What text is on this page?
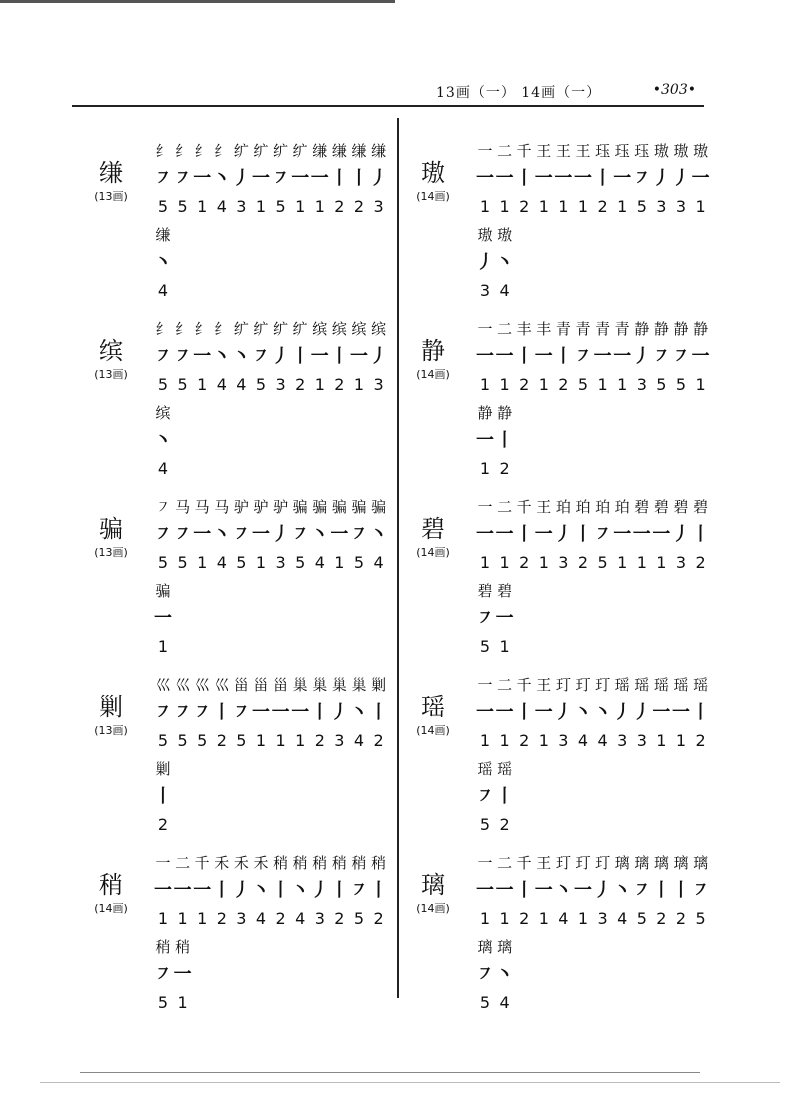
13画（一） 14画（一）	•303•
缣
(13画)
纟 纟 纟 纟 纩 纩 纩 纩 缣 缣 缣 缣
㇇ ㇇ 一 丶 丿 一 ㇇ 一 一 丨 丨 丿
5 5 1 4 3 1 5 1 1 2 2 3
缣
丶
4
缤
(13画)
纟 纟 纟 纟 纩 纩 纩 纩 缤 缤 缤 缤
㇇ ㇇ 一 丶 丶 ㇇ 丿 丨 一 丨 一 丿
5 5 1 4 4 5 3 2 1 2 1 3
缤
丶
4
骗
(13画)
㇇ 马 马 马 驴 驴 驴 骗 骗 骗 骗 骗
㇇ ㇇ 一 丶 ㇇ 一 丿 ㇇ 丶 一 ㇇ 丶
5 5 1 4 5 1 3 5 4 1 5 4
骗
一
1
剿
(13画)
巛 巛 巛 巛 甾 甾 甾 巢 巢 巢 巢 剿
㇇ ㇇ ㇇ 丨 ㇇ 一 一 一 丨 丿 丶 丨
5 5 5 2 5 1 1 1 2 3 4 2
剿
丨
2
稍
(14画)
一 二 千 禾 禾 禾 稍 稍 稍 稍 稍 稍
一 一 一 丨 丿 丶 丨 丶 丿 丨 ㇇ 丨
1 1 1 2 3 4 2 4 3 2 5 2
稍 稍
㇇ 一
5 1
璈
(14画)
一 二 千 王 王 王 珏 珏 珏 璈 璈 璈
一 一 丨 一 一 一 丨 一 ㇇ 丿 丿 一
1 1 2 1 1 1 2 1 5 3 3 1
璈 璈
丿 丶
3 4
静
(14画)
一 二 丰 丰 青 青 青 青 静 静 静 静
一 一 丨 一 丨 ㇇ 一 一 丿 ㇇ ㇇ 一
1 1 2 1 2 5 1 1 3 5 5 1
静 静
一 丨
1 2
碧
(14画)
一 二 千 王 珀 珀 珀 珀 碧 碧 碧 碧
一 一 丨 一 丿 丨 ㇇ 一 一 一 丿 丨
1 1 2 1 3 2 5 1 1 1 3 2
碧 碧
㇇ 一
5 1
瑶
(14画)
一 二 千 王 玎 玎 玎 瑶 瑶 瑶 瑶 瑶
一 一 丨 一 丿 丶 丶 丿 丿 一 一 丨
1 1 2 1 3 4 4 3 3 1 1 2
瑶 瑶
㇇ 丨
5 2
璃
(14画)
一 二 千 王 玎 玎 玎 璃 璃 璃 璃 璃
一 一 丨 一 丶 一 丿 丶 ㇇ 丨 丨 ㇇
1 1 2 1 4 1 3 4 5 2 2 5
璃 璃
㇇ 丶
5 4
